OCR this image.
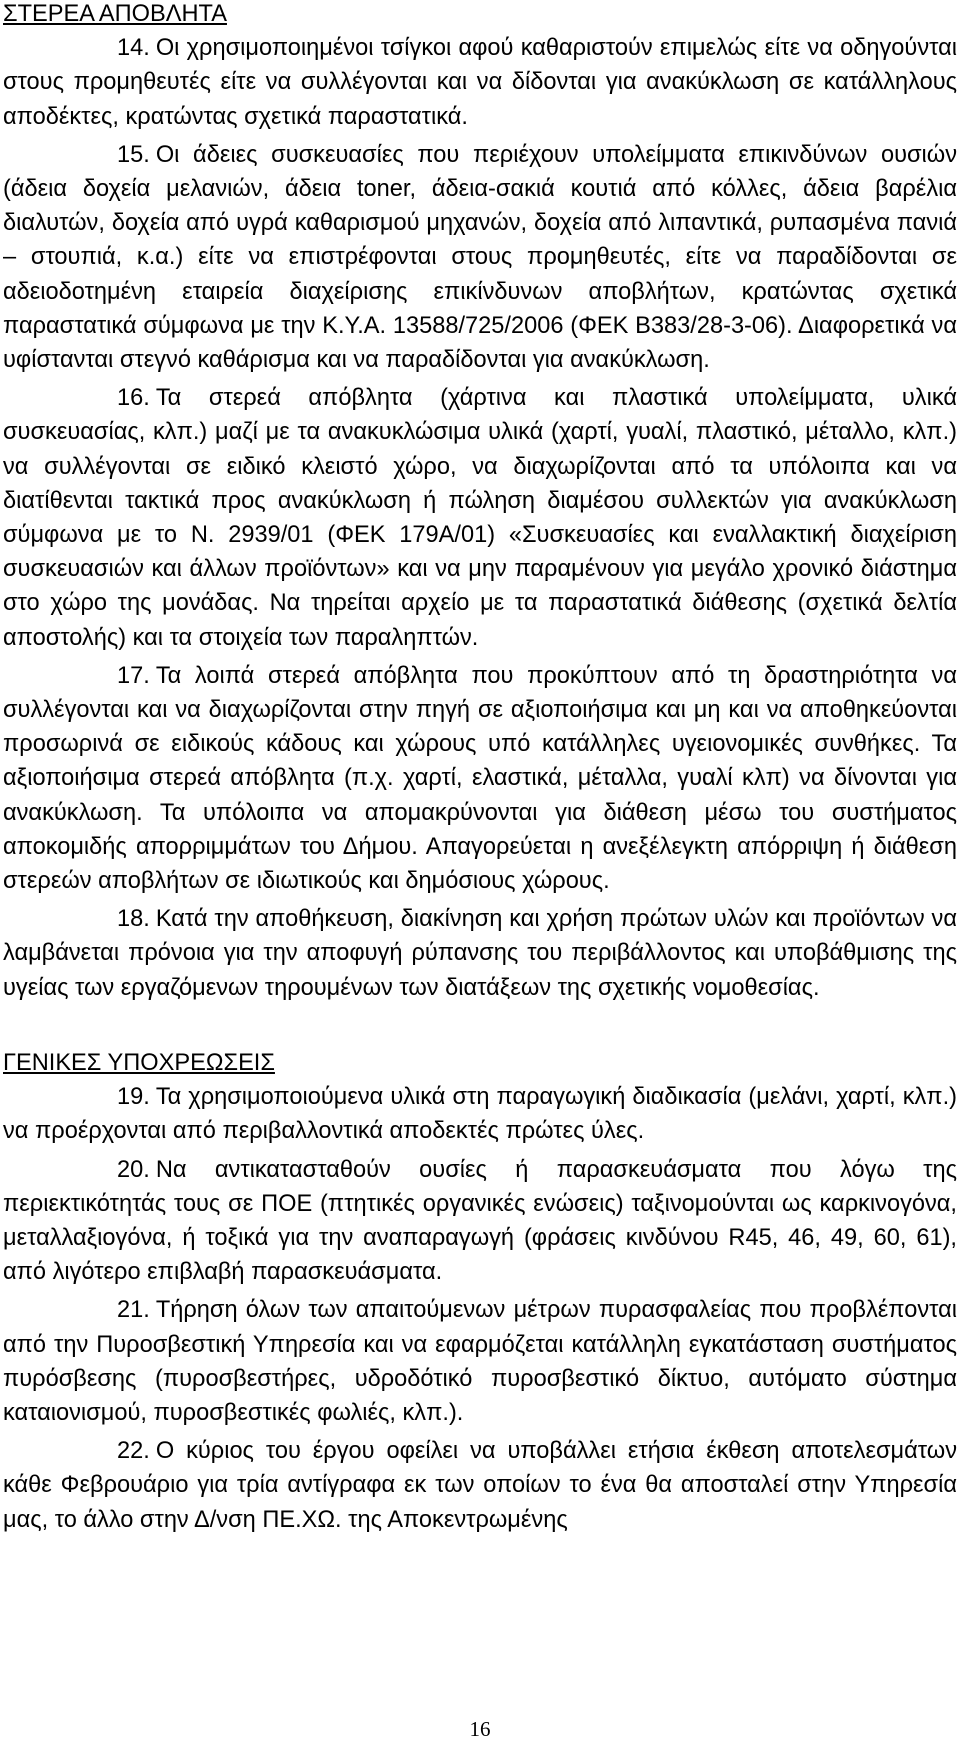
ΣΤΕΡΕΑ ΑΠΟΒΛΗΤΑ

14. Οι χρησιμοποιημένοι τσίγκοι αφού καθαριστούν επιμελώς είτε να οδηγούνται στους προμηθευτές είτε να συλλέγονται και να δίδονται για ανακύκλωση σε κατάλληλους αποδέκτες, κρατώντας σχετικά παραστατικά.

15. Οι άδειες συσκευασίες που περιέχουν υπολείμματα επικινδύνων ουσιών (άδεια δοχεία μελανιών, άδεια toner, άδεια-σακιά κουτιά από κόλλες, άδεια βαρέλια διαλυτών, δοχεία από υγρά καθαρισμού μηχανών, δοχεία από λιπαντικά, ρυπασμένα πανιά – στουπιά, κ.α.) είτε να επιστρέφονται στους προμηθευτές, είτε να παραδίδονται σε αδειοδοτημένη εταιρεία διαχείρισης επικίνδυνων αποβλήτων, κρατώντας σχετικά παραστατικά σύμφωνα με την Κ.Υ.Α. 13588/725/2006 (ΦΕΚ Β383/28-3-06). Διαφορετικά να υφίστανται στεγνό καθάρισμα και να παραδίδονται για ανακύκλωση.

16. Τα στερεά απόβλητα (χάρτινα και πλαστικά υπολείμματα, υλικά συσκευασίας, κλπ.) μαζί με τα ανακυκλώσιμα υλικά (χαρτί, γυαλί, πλαστικό, μέταλλο, κλπ.) να συλλέγονται σε ειδικό κλειστό χώρο, να διαχωρίζονται από τα υπόλοιπα και να διατίθενται τακτικά προς ανακύκλωση ή πώληση διαμέσου συλλεκτών για ανακύκλωση σύμφωνα με το Ν. 2939/01 (ΦΕΚ 179Α/01) «Συσκευασίες και εναλλακτική διαχείριση συσκευασιών και άλλων προϊόντων» και να μην παραμένουν για μεγάλο χρονικό διάστημα στο χώρο της μονάδας. Να τηρείται αρχείο με τα παραστατικά διάθεσης (σχετικά δελτία αποστολής) και τα στοιχεία των παραληπτών.

17. Τα λοιπά στερεά απόβλητα που προκύπτουν από τη δραστηριότητα να συλλέγονται και να διαχωρίζονται στην πηγή σε αξιοποιήσιμα και μη και να αποθηκεύονται προσωρινά σε ειδικούς κάδους και χώρους υπό κατάλληλες υγειονομικές συνθήκες. Τα αξιοποιήσιμα στερεά απόβλητα (π.χ. χαρτί, ελαστικά, μέταλλα, γυαλί κλπ) να δίνονται για ανακύκλωση. Τα υπόλοιπα να απομακρύνονται για διάθεση μέσω του συστήματος αποκομιδής απορριμμάτων του Δήμου. Απαγορεύεται η ανεξέλεγκτη απόρριψη ή διάθεση στερεών αποβλήτων σε ιδιωτικούς και δημόσιους χώρους.

18. Κατά την αποθήκευση, διακίνηση και χρήση πρώτων υλών και προϊόντων να λαμβάνεται πρόνοια για την αποφυγή ρύπανσης του περιβάλλοντος και υποβάθμισης της υγείας των εργαζόμενων τηρουμένων των διατάξεων της σχετικής νομοθεσίας.

ΓΕΝΙΚΕΣ ΥΠΟΧΡΕΩΣΕΙΣ

19. Τα χρησιμοποιούμενα υλικά στη παραγωγική διαδικασία (μελάνι, χαρτί, κλπ.) να προέρχονται από περιβαλλοντικά αποδεκτές πρώτες ύλες.

20. Να αντικατασταθούν ουσίες ή παρασκευάσματα που λόγω της περιεκτικότητάς τους σε ΠΟΕ (πτητικές οργανικές ενώσεις) ταξινομούνται ως καρκινογόνα, μεταλλαξιογόνα, ή τοξικά για την αναπαραγωγή (φράσεις κινδύνου R45, 46, 49, 60, 61), από λιγότερο επιβλαβή παρασκευάσματα.

21. Τήρηση όλων των απαιτούμενων μέτρων πυρασφαλείας που προβλέπονται από την Πυροσβεστική Υπηρεσία και να εφαρμόζεται κατάλληλη εγκατάσταση συστήματος πυρόσβεσης (πυροσβεστήρες, υδροδότικό πυροσβεστικό δίκτυο, αυτόματο σύστημα καταιονισμού, πυροσβεστικές φωλιές, κλπ.).

22. Ο κύριος του έργου οφείλει να υποβάλλει ετήσια έκθεση αποτελεσμάτων κάθε Φεβρουάριο για τρία αντίγραφα εκ των οποίων το ένα θα αποσταλεί στην Υπηρεσία μας, το άλλο στην Δ/νση ΠΕ.ΧΩ. της Αποκεντρωμένης

16
